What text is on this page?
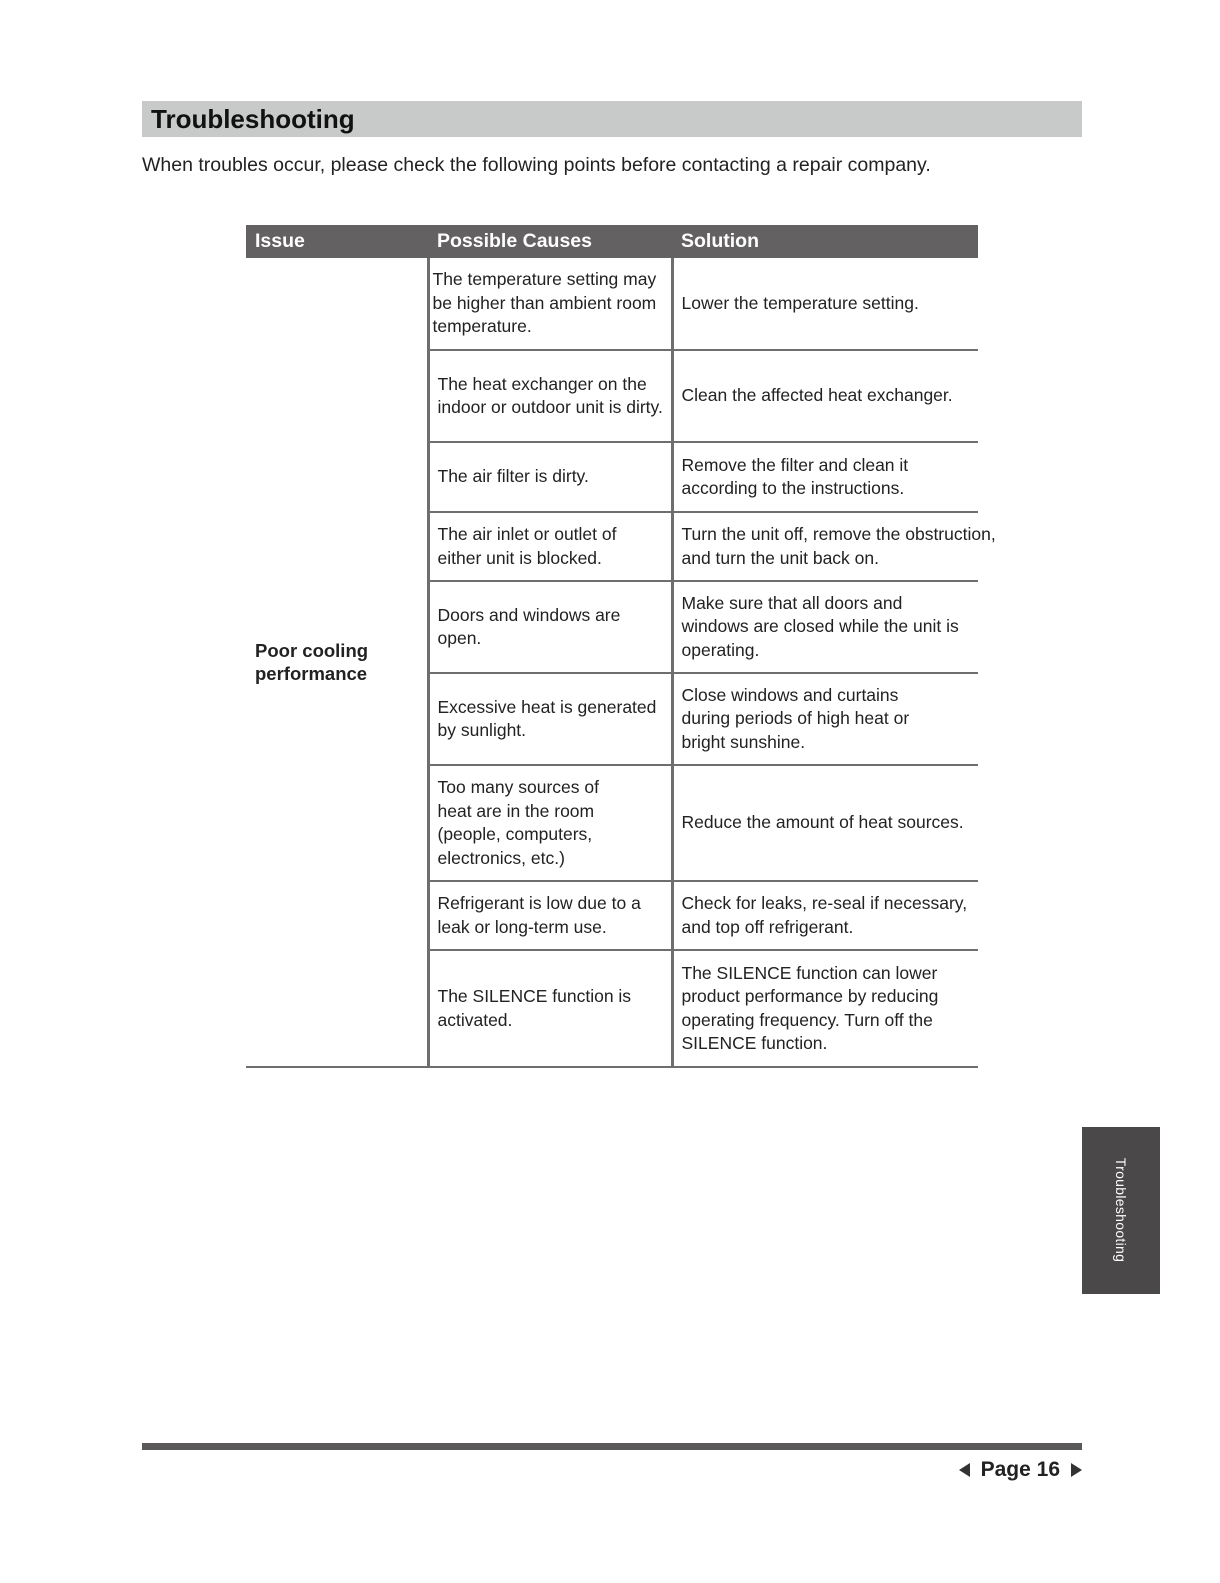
Troubleshooting
When troubles occur, please check the following points before contacting a repair company.
Issue	Possible Causes	Solution
Poor cooling performance	The temperature setting may be higher than ambient room temperature.	Lower the temperature setting.
	The heat exchanger on the indoor or outdoor unit is dirty.	Clean the affected heat exchanger.
	The air filter is dirty.	Remove the filter and clean it according to the instructions.
	The air inlet or outlet of either unit is blocked.	Turn the unit off, remove the obstruction, and turn the unit back on.

	Doors and windows are open.	Make sure that all doors and windows are closed while the unit is operating.
	Excessive heat is generated by sunlight.	Close windows and curtains during periods of high heat or bright sunshine.
	Too many sources of heat are in the room (people, computers, electronics, etc.)	Reduce the amount of heat sources.
	Refrigerant is low due to a leak or long-term use.	Check for leaks, re-seal if necessary, and top off refrigerant.
	The SILENCE function is activated.	The SILENCE function can lower product performance by reducing operating frequency. Turn off the SILENCE function.
Troubleshooting
Page 16
